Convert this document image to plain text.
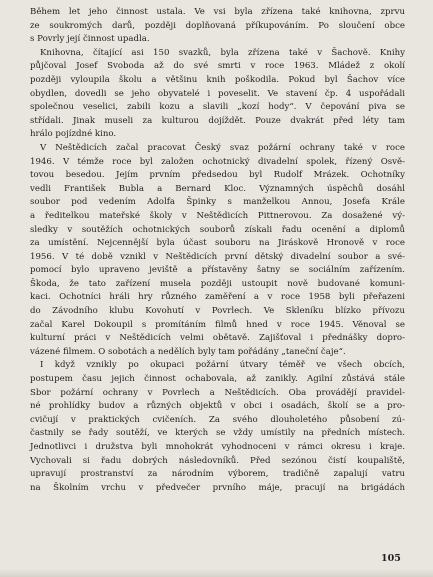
Během let jeho činnost ustala. Ve vsi byla zřízena také knihovna, zprvu
ze soukromých darů, později doplňovaná příkupováním. Po sloučení obce
s Povrly její činnost upadla.
Knihovna, čítající asi 150 svazků, byla zřízena také v Šachově. Knihy
půjčoval Josef Svoboda až do své smrti v roce 1963. Mládež z okolí
později vyloupila školu a většinu knih poškodila. Pokud byl Šachov více
obydlen, dovedli se jeho obyvatelé i poveselit. Ve stavení čp. 4 uspořádali
společnou veselici, zabili kozu a slavili „kozí hody“. V čepování piva se
střídali. Jinak museli za kulturou dojíždět. Pouze dvakrát před léty tam
hrálo pojízdné kino.
V Neštědicích začal pracovat Český svaz požární ochrany také v roce
1946. V témže roce byl založen ochotnický divadelní spolek, řízený Osvě-
tovou besedou. Jejím prvním předsedou byl Rudolf Mrázek. Ochotníky
vedli František Bubla a Bernard Kloc. Významných úspěchů dosáhl
soubor pod vedením Adolfa Špinky s manželkou Annou, Josefa Krále
a ředitelkou mateřské školy v Neštědicích Pittnerovou. Za dosažené vý-
sledky v soutěžích ochotnických souborů získali řadu ocenění a diplomů
za umístění. Nejcennější byla účast souboru na Jiráskově Hronově v roce
1956. V té době vznikl v Neštědicích první dětský divadelní soubor a své-
pomocí bylo upraveno jeviště a přístavěny šatny se sociálním zařízením.
Škoda, že tato zařízení musela později ustoupit nově budované komuni-
kaci. Ochotníci hráli hry různého zaměření a v roce 1958 byli přeřazeni
do Závodního klubu Kovohutí v Povrlech. Ve Skleníku blízko přívozu
začal Karel Dokoupil s promítáním filmů hned v roce 1945. Věnoval se
kulturní práci v Neštědicích velmi obětavě. Zajišťoval i přednášky dopro-
vázené filmem. O sobotách a nedělích byly tam pořádány „taneční čaje“.
I když vznikly po okupaci požární útvary téměř ve všech obcích,
postupem času jejich činnost ochabovala, až zanikly. Agilní zůstává stále
Sbor požární ochrany v Povrlech a Neštědicích. Oba provádějí pravidel-
né prohlídky budov a různých objektů v obci i osadách, školí se a pro-
cvičují v praktických cvičeních. Za svého dlouholetého působení zú-
častnily se řady soutěží, ve kterých se vždy umístily na předních místech.
Jednotlivci i družstva byli mnohokrát vyhodnoceni v rámci okresu i kraje.
Vychovali si řadu dobrých následovníků. Před sezónou čistí koupaliště,
upravují prostranství za národním výborem, tradičně zapalují vatru
na Školním vrchu v předvečer prvního máje, pracují na brigádách
105
